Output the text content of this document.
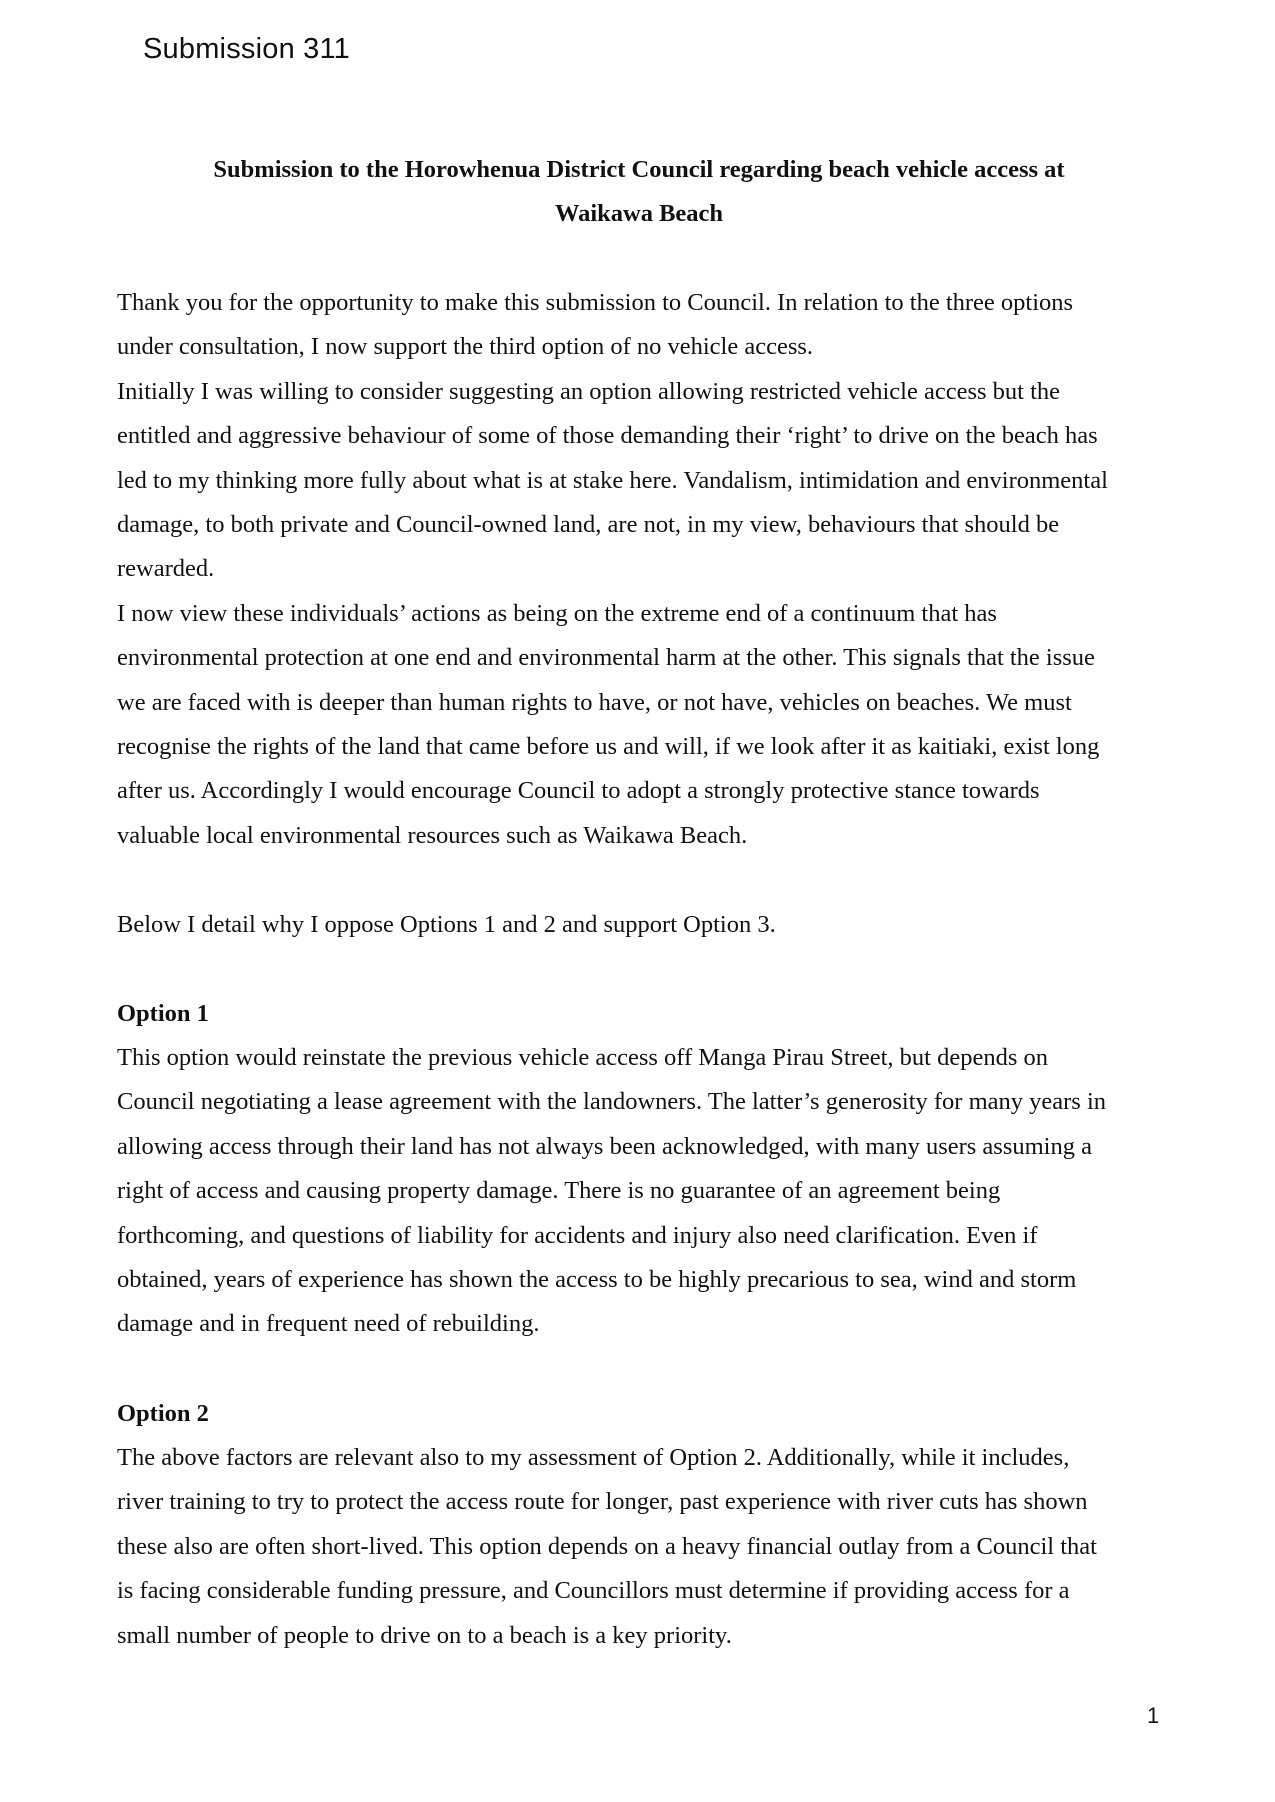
Submission 311
Submission to the Horowhenua District Council regarding beach vehicle access at
Waikawa Beach
Thank you for the opportunity to make this submission to Council. In relation to the three options
under consultation, I now support the third option of no vehicle access.
Initially I was willing to consider suggesting an option allowing restricted vehicle access but the
entitled and aggressive behaviour of some of those demanding their ‘right’ to drive on the beach has
led to my thinking more fully about what is at stake here. Vandalism, intimidation and environmental
damage, to both private and Council-owned land, are not, in my view, behaviours that should be
rewarded.
I now view these individuals’ actions as being on the extreme end of a continuum that has
environmental protection at one end and environmental harm at the other. This signals that the issue
we are faced with is deeper than human rights to have, or not have, vehicles on beaches. We must
recognise the rights of the land that came before us and will, if we look after it as kaitiaki, exist long
after us. Accordingly I would encourage Council to adopt a strongly protective stance towards
valuable local environmental resources such as Waikawa Beach.
Below I detail why I oppose Options 1 and 2 and support Option 3.
Option 1
This option would reinstate the previous vehicle access off Manga Pirau Street, but depends on
Council negotiating a lease agreement with the landowners. The latter’s generosity for many years in
allowing access through their land has not always been acknowledged, with many users assuming a
right of access and causing property damage. There is no guarantee of an agreement being
forthcoming, and questions of liability for accidents and injury also need clarification. Even if
obtained, years of experience has shown the access to be highly precarious to sea, wind and storm
damage and in frequent need of rebuilding.
Option 2
The above factors are relevant also to my assessment of Option 2. Additionally, while it includes,
river training to try to protect the access route for longer, past experience with river cuts has shown
these also are often short-lived. This option depends on a heavy financial outlay from a Council that
is facing considerable funding pressure, and Councillors must determine if providing access for a
small number of people to drive on to a beach is a key priority.
1
